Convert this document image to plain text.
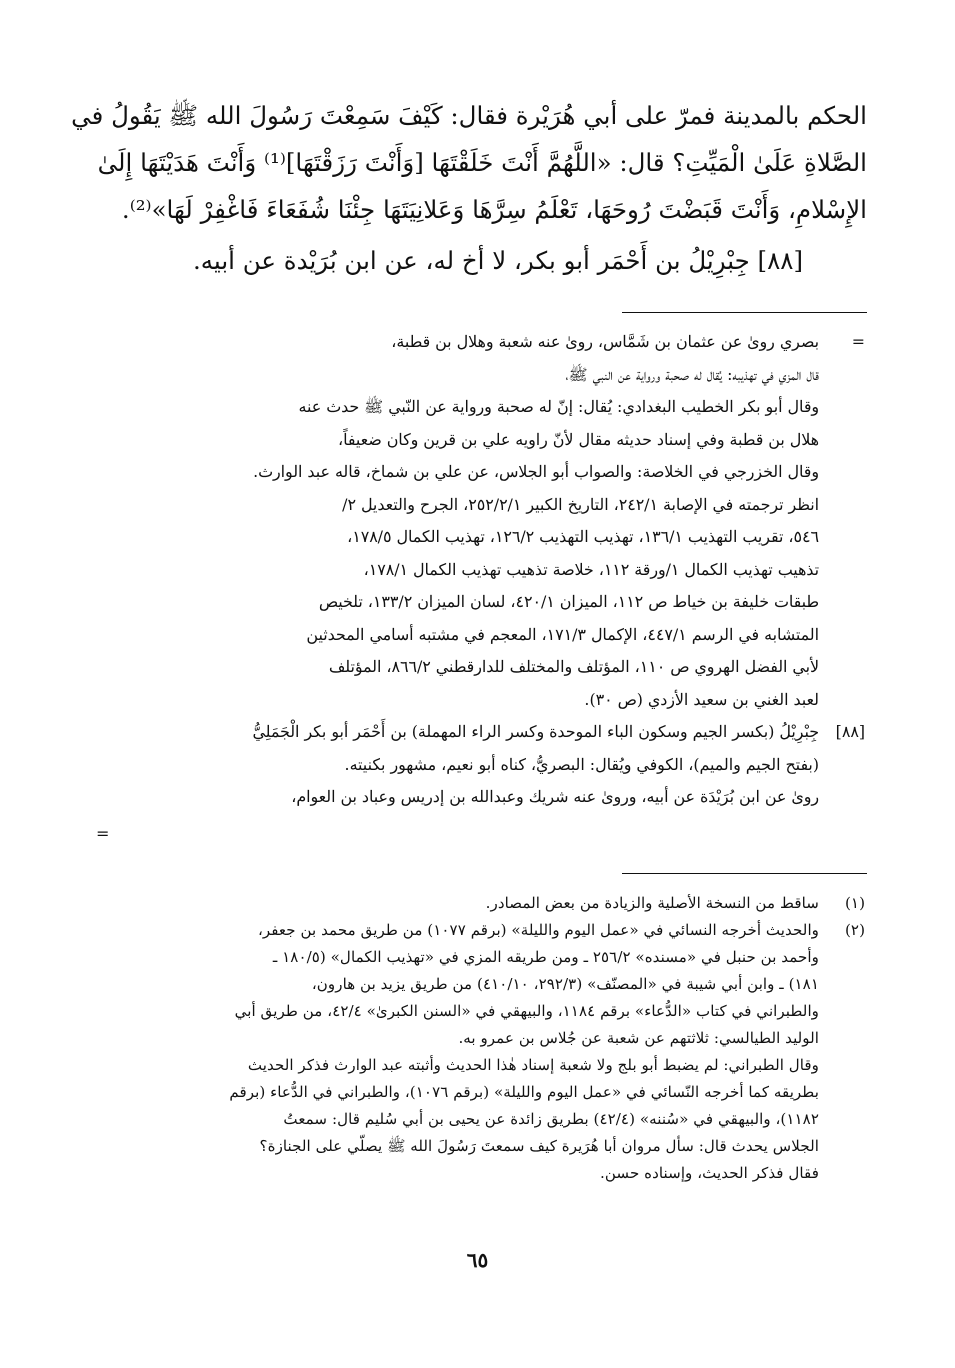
الحكم بالمدينة فمرّ على أبي هُرَيْرة فقال: كَيْفَ سَمِعْتَ رَسُولَ الله ﷺ يَقُولُ في
الصَّلاةِ عَلَىٰ الْمَيِّتِ؟ قال: «اللَّهُمَّ أَنْتَ خَلَقْتَهَا [وَأَنْتَ رَزَقْتَهَا]⁽¹⁾ وَأَنْتَ هَدَيْتَهَا إِلَىٰ
الإِسْلامِ، وَأَنْتَ قَبَضْتَ رُوحَهَا، تَعْلَمُ سِرَّهَا وَعَلانِيَتَهَا جِئْنَا شُفَعَاءَ فَاغْفِرْ لَهَا»⁽²⁾.
[٨٨] جِبْرِيْلُ بن أَحْمَر أبو بكر، لا أخ له، عن ابن بُرَيْدة عن أبيه.
=
بصري روىٰ عن عثمان بن شَمَّاس، روىٰ عنه شعبة وهلال بن قطبة،
قال المزي في تهذيبه: يُقال له صحبة ورواية عن النبي ﷺ،
وقال أبو بكر الخطيب البغدادي: يُقال: إنّ له صحبة ورواية عن النّبي ﷺ حدث عنه
هلال بن قطبة وفي إسناد حديثه مقال لأنّ راويه علي بن قرين وكان ضعيفاً،
وقال الخزرجي في الخلاصة: والصواب أبو الجلاس، عن علي بن شماخ، قاله عبد الوارث.
انظر ترجمته في الإصابة ٢٤٢/١، التاريخ الكبير ٢٥٢/٢/١، الجرح والتعديل ٢/
٥٤٦، تقريب التهذيب ١٣٦/١، تهذيب التهذيب ١٢٦/٢، تهذيب الكمال ١٧٨/٥،
تذهيب تهذيب الكمال ١/ورقة ١١٢، خلاصة تذهيب تهذيب الكمال ١٧٨/١،
طبقات خليفة بن خياط ص ١١٢، الميزان ٤٢٠/١، لسان الميزان ١٣٣/٢، تلخيص
المتشابه في الرسم ٤٤٧/١، الإكمال ١٧١/٣، المعجم في مشتبه أسامي المحدثين
لأبي الفضل الهروي ص ١١٠، المؤتلف والمختلف للدارقطني ٨٦٦/٢، المؤتلف
لعبد الغني بن سعيد الأزدي (ص ٣٠).
[٨٨]
جِبْرِيْلُ (بكسر الجيم وسكون الباء الموحدة وكسر الراء المهملة) بن أَحْمَر أبو بكر الْجَمَلِيُّ
(بفتح الجيم والميم)، الكوفي ويُقال: البصريُّ، كناه أبو نعيم، مشهور بكنيته.
روىٰ عن ابن بُرَيْدَة عن أبيه، وروىٰ عنه شريك وعبدالله بن إدريس وعباد بن العوام،
=
(١)
ساقط من النسخة الأصلية والزيادة من بعض المصادر.
(٢)
والحديث أخرجه النسائي في «عمل اليوم والليلة» (برقم ١٠٧٧) من طريق محمد بن جعفر،
وأحمد بن حنبل في «مسنده» ٢٥٦/٢ ـ ومن طريقه المزي في «تهذيب الكمال» (١٨٠/٥ ـ
١٨١) ـ وابن أبي شيبة في «المصنّف» (٢٩٢/٣، ٤١٠/١٠) من طريق يزيد بن هارون،
والطبراني في كتاب «الدُّعاء» برقم ١١٨٤، والبيهقي في «السنن الكبرىٰ» ٤٢/٤، من طريق أبي
الوليد الطيالسي: ثلاثتهم عن شعبة عن جُلاس بن عمرو به.
وقال الطبراني: لم يضبط أبو بلج ولا شعبة إسناد هٰذا الحديث وأثبته عبد الوارث فذكر الحديث
بطريقه كما أخرجه النّسائي في «عمل اليوم والليلة» (برقم ١٠٧٦)، والطبراني في الدُّعاء (برقم
١١٨٢)، والبيهقي في «سُننه» (٤٢/٤) بطريق زائدة عن يحيى بن أبي سُليم قال: سمعتُ
الجلاس يحدث قال: سأل مروان أبا هُرَيرة كيف سمعتَ رَسُولَ الله ﷺ يصلّي على الجنازة؟
فقال فذكر الحديث، وإسناده حسن.
٦٥
